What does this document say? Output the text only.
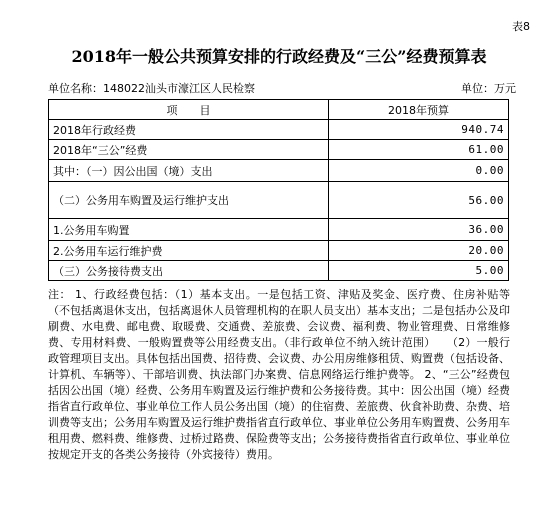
表8
2018年一般公共预算安排的行政经费及“三公”经费预算表
单位名称：148022汕头市濠江区人民检察	单位：万元
项　　目	2018年预算
2018年行政经费	940.74
2018年“三公”经费	61.00
其中：（一）因公出国（境）支出	0.00
（二）公务用车购置及运行维护支出	56.00
1.公务用车购置	36.00
2.公务用车运行维护费	20.00
（三）公务接待费支出	5.00
注： 1、行政经费包括：（1）基本支出。一是包括工资、津贴及奖金、医疗费、住房补贴等（不包括离退休支出，包括离退休人员管理机构的在职人员支出）基本支出；二是包括办公及印刷费、水电费、邮电费、取暖费、交通费、差旅费、会议费、福利费、物业管理费、日常维修费、专用材料费、一般购置费等公用经费支出。（非行政单位不纳入统计范围）　　（2）一般行政管理项目支出。具体包括出国费、招待费、会议费、办公用房维修租赁、购置费（包括设备、计算机、车辆等）、干部培训费、执法部门办案费、信息网络运行维护费等。 2、“三公”经费包括因公出国（境）经费、公务用车购置及运行维护费和公务接待费。其中：因公出国（境）经费指省直行政单位、事业单位工作人员公务出国（境）的住宿费、差旅费、伙食补助费、杂费、培训费等支出；公务用车购置及运行维护费指省直行政单位、事业单位公务用车购置费、公务用车租用费、燃料费、维修费、过桥过路费、保险费等支出；公务接待费指省直行政单位、事业单位按规定开支的各类公务接待（外宾接待）费用。
